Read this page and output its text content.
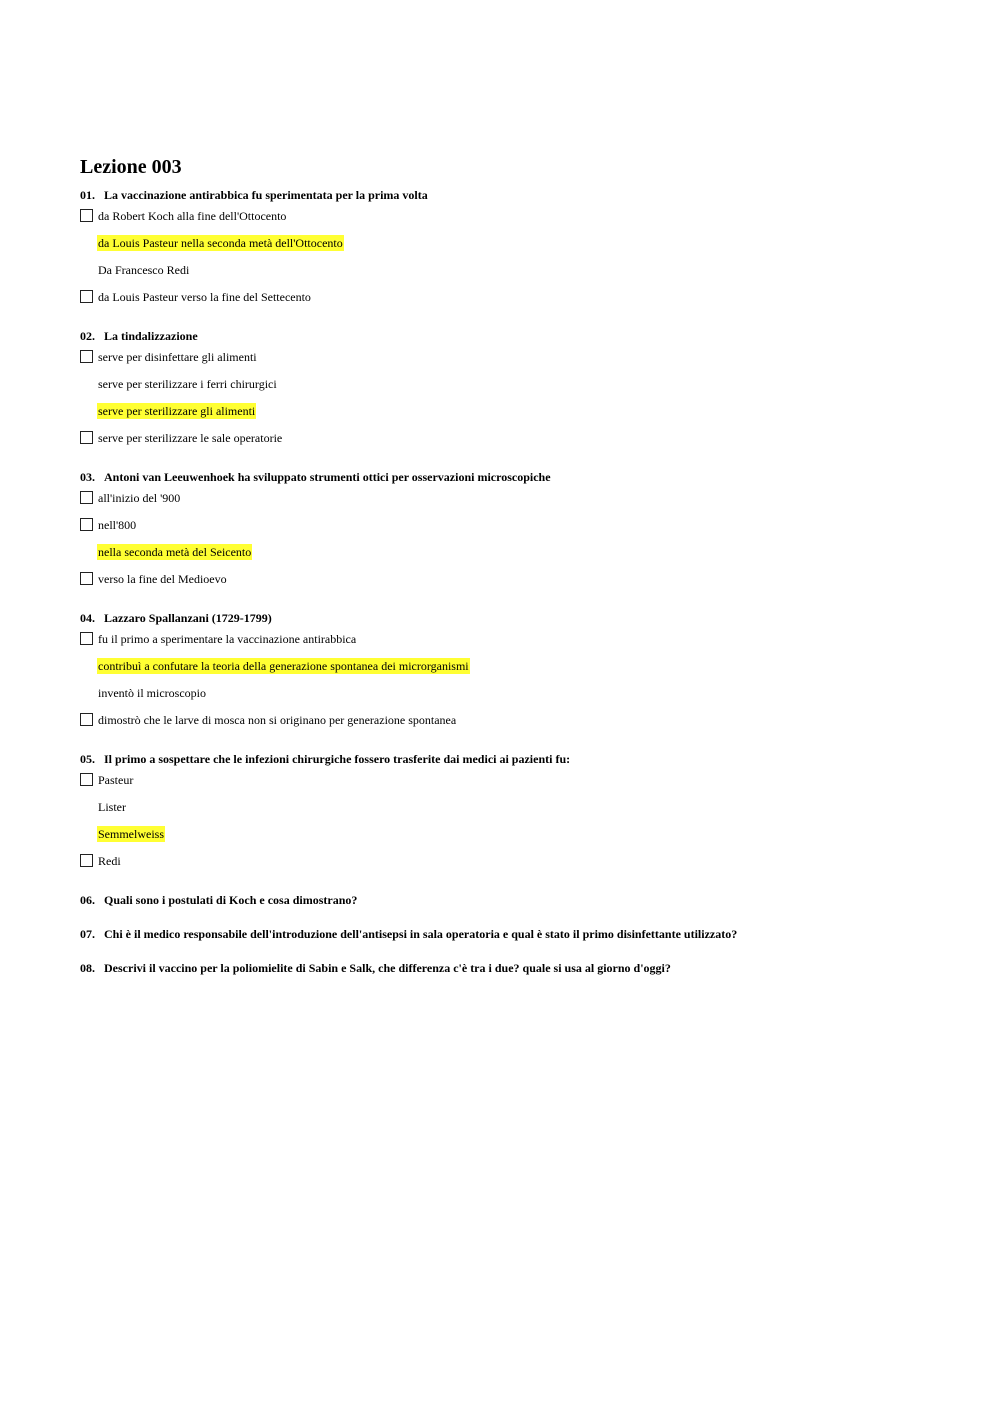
Lezione 003
01. La vaccinazione antirabbica fu sperimentata per la prima volta
da Robert Koch alla fine dell'Ottocento
da Louis Pasteur nella seconda metà dell'Ottocento
Da Francesco Redi
da Louis Pasteur verso la fine del Settecento
02. La tindalizzazione
serve per disinfettare gli alimenti
serve per sterilizzare i ferri chirurgici
serve per sterilizzare gli alimenti
serve per sterilizzare le sale operatorie
03. Antoni van Leeuwenhoek ha sviluppato strumenti ottici per osservazioni microscopiche
all'inizio del '900
nell'800
nella seconda metà del Seicento
verso la fine del Medioevo
04. Lazzaro Spallanzani (1729-1799)
fu il primo a sperimentare la vaccinazione antirabbica
contribuì a confutare la teoria della generazione spontanea dei microrganismi
inventò il microscopio
dimostrò che le larve di mosca non si originano per generazione spontanea
05. Il primo a sospettare che le infezioni chirurgiche fossero trasferite dai medici ai pazienti fu:
Pasteur
Lister
Semmelweiss
Redi
06. Quali sono i postulati di Koch e cosa dimostrano?
07. Chi è il medico responsabile dell'introduzione dell'antisepsi in sala operatoria e qual è stato il primo disinfettante utilizzato?
08. Descrivi il vaccino per la poliomielite di Sabin e Salk, che differenza c'è tra i due? quale si usa al giorno d'oggi?
